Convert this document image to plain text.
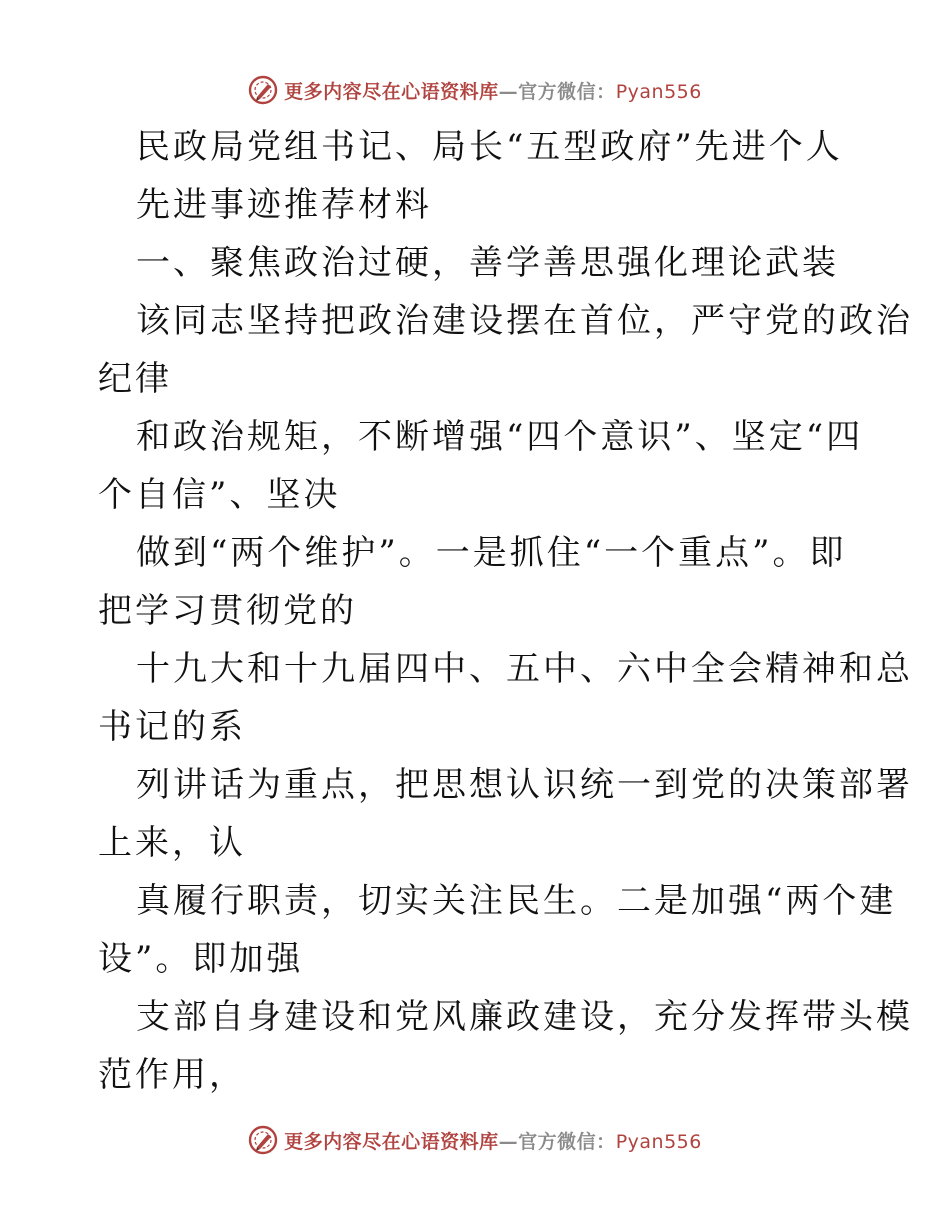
更多内容尽在心语资料库—官方微信：Pyan556
民政局党组书记、局长“五型政府”先进个人
先进事迹推荐材料
一、聚焦政治过硬，善学善思强化理论武装
该同志坚持把政治建设摆在首位，严守党的政治
纪律
和政治规矩，不断增强“四个意识”、坚定“四
个自信”、坚决
做到“两个维护”。一是抓住“一个重点”。即
把学习贯彻党的
十九大和十九届四中、五中、六中全会精神和总
书记的系
列讲话为重点，把思想认识统一到党的决策部署
上来，认
真履行职责，切实关注民生。二是加强“两个建
设”。即加强
支部自身建设和党风廉政建设，充分发挥带头模
范作用，
更多内容尽在心语资料库—官方微信：Pyan556
